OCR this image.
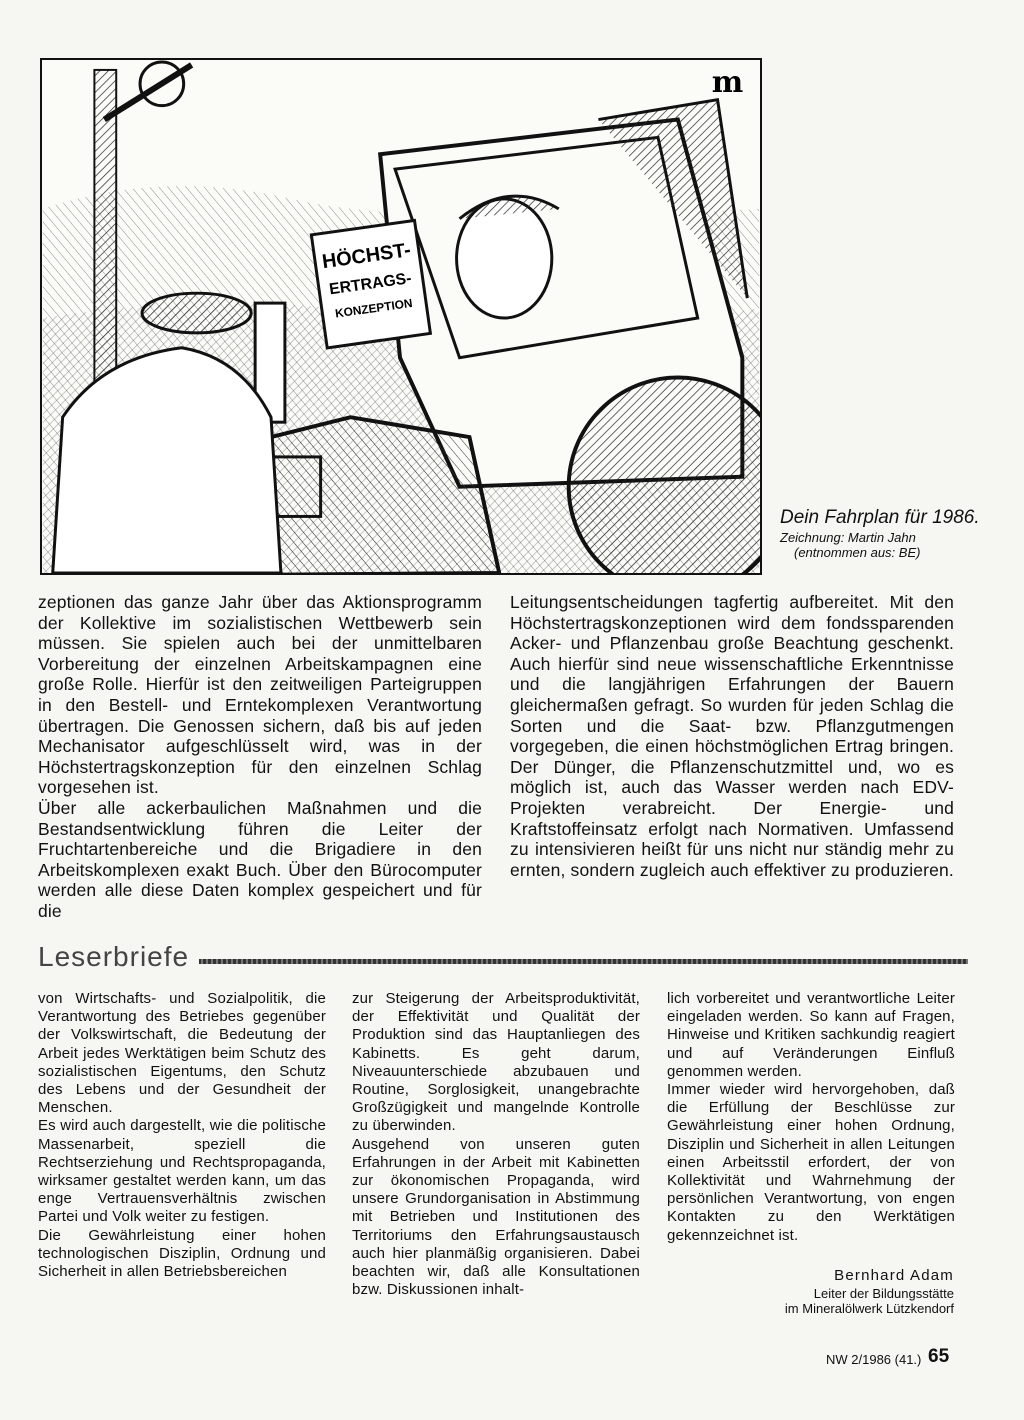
HÖCHST-
ERTRAGS-
KONZEPTION
m
Dein Fahrplan für 1986.
Zeichnung: Martin Jahn
(entnommen aus: BE)

zeptionen das ganze Jahr über das Aktionsprogramm der Kollektive im sozialistischen Wettbewerb sein müssen. Sie spielen auch bei der unmittelbaren Vorbereitung der einzelnen Arbeitskampagnen eine große Rolle. Hierfür ist den zeitweiligen Parteigruppen in den Bestell- und Erntekomplexen Verantwortung übertragen. Die Genossen sichern, daß bis auf jeden Mechanisator aufgeschlüsselt wird, was in der Höchstertragskonzeption für den einzelnen Schlag vorgesehen ist.

Über alle ackerbaulichen Maßnahmen und die Bestandsentwicklung führen die Leiter der Fruchtartenbereiche und die Brigadiere in den Arbeitskomplexen exakt Buch. Über den Bürocomputer werden alle diese Daten komplex gespeichert und für die

Leitungsentscheidungen tagfertig aufbereitet. Mit den Höchstertragskonzeptionen wird dem fondssparenden Acker- und Pflanzenbau große Beachtung geschenkt. Auch hierfür sind neue wissenschaftliche Erkenntnisse und die langjährigen Erfahrungen der Bauern gleichermaßen gefragt. So wurden für jeden Schlag die Sorten und die Saat- bzw. Pflanzgutmengen vorgegeben, die einen höchstmöglichen Ertrag bringen. Der Dünger, die Pflanzenschutzmittel und, wo es möglich ist, auch das Wasser werden nach EDV-Projekten verabreicht. Der Energie- und Kraftstoffeinsatz erfolgt nach Normativen. Umfassend zu intensivieren heißt für uns nicht nur ständig mehr zu ernten, sondern zugleich auch effektiver zu produzieren.

Leserbriefe

von Wirtschafts- und Sozialpolitik, die Verantwortung des Betriebes gegenüber der Volkswirtschaft, die Bedeutung der Arbeit jedes Werktätigen beim Schutz des sozialistischen Eigentums, den Schutz des Lebens und der Gesundheit der Menschen.

Es wird auch dargestellt, wie die politische Massenarbeit, speziell die Rechtserziehung und Rechtspropaganda, wirksamer gestaltet werden kann, um das enge Vertrauensverhältnis zwischen Partei und Volk weiter zu festigen.

Die Gewährleistung einer hohen technologischen Disziplin, Ordnung und Sicherheit in allen Betriebsbereichen

zur Steigerung der Arbeitsproduktivität, der Effektivität und Qualität der Produktion sind das Hauptanliegen des Kabinetts. Es geht darum, Niveauunterschiede abzubauen und Routine, Sorglosigkeit, unangebrachte Großzügigkeit und mangelnde Kontrolle zu überwinden.

Ausgehend von unseren guten Erfahrungen in der Arbeit mit Kabinetten zur ökonomischen Propaganda, wird unsere Grundorganisation in Abstimmung mit Betrieben und Institutionen des Territoriums den Erfahrungsaustausch auch hier planmäßig organisieren. Dabei beachten wir, daß alle Konsultationen bzw. Diskussionen inhalt-

lich vorbereitet und verantwortliche Leiter eingeladen werden. So kann auf Fragen, Hinweise und Kritiken sachkundig reagiert und auf Veränderungen Einfluß genommen werden.

Immer wieder wird hervorgehoben, daß die Erfüllung der Beschlüsse zur Gewährleistung einer hohen Ordnung, Disziplin und Sicherheit in allen Leitungen einen Arbeitsstil erfordert, der von Kollektivität und Wahrnehmung der persönlichen Verantwortung, von engen Kontakten zu den Werktätigen gekennzeichnet ist.

Bernhard Adam
Leiter der Bildungsstätte
im Mineralölwerk Lützkendorf
NW 2/1986 (41.) 65
